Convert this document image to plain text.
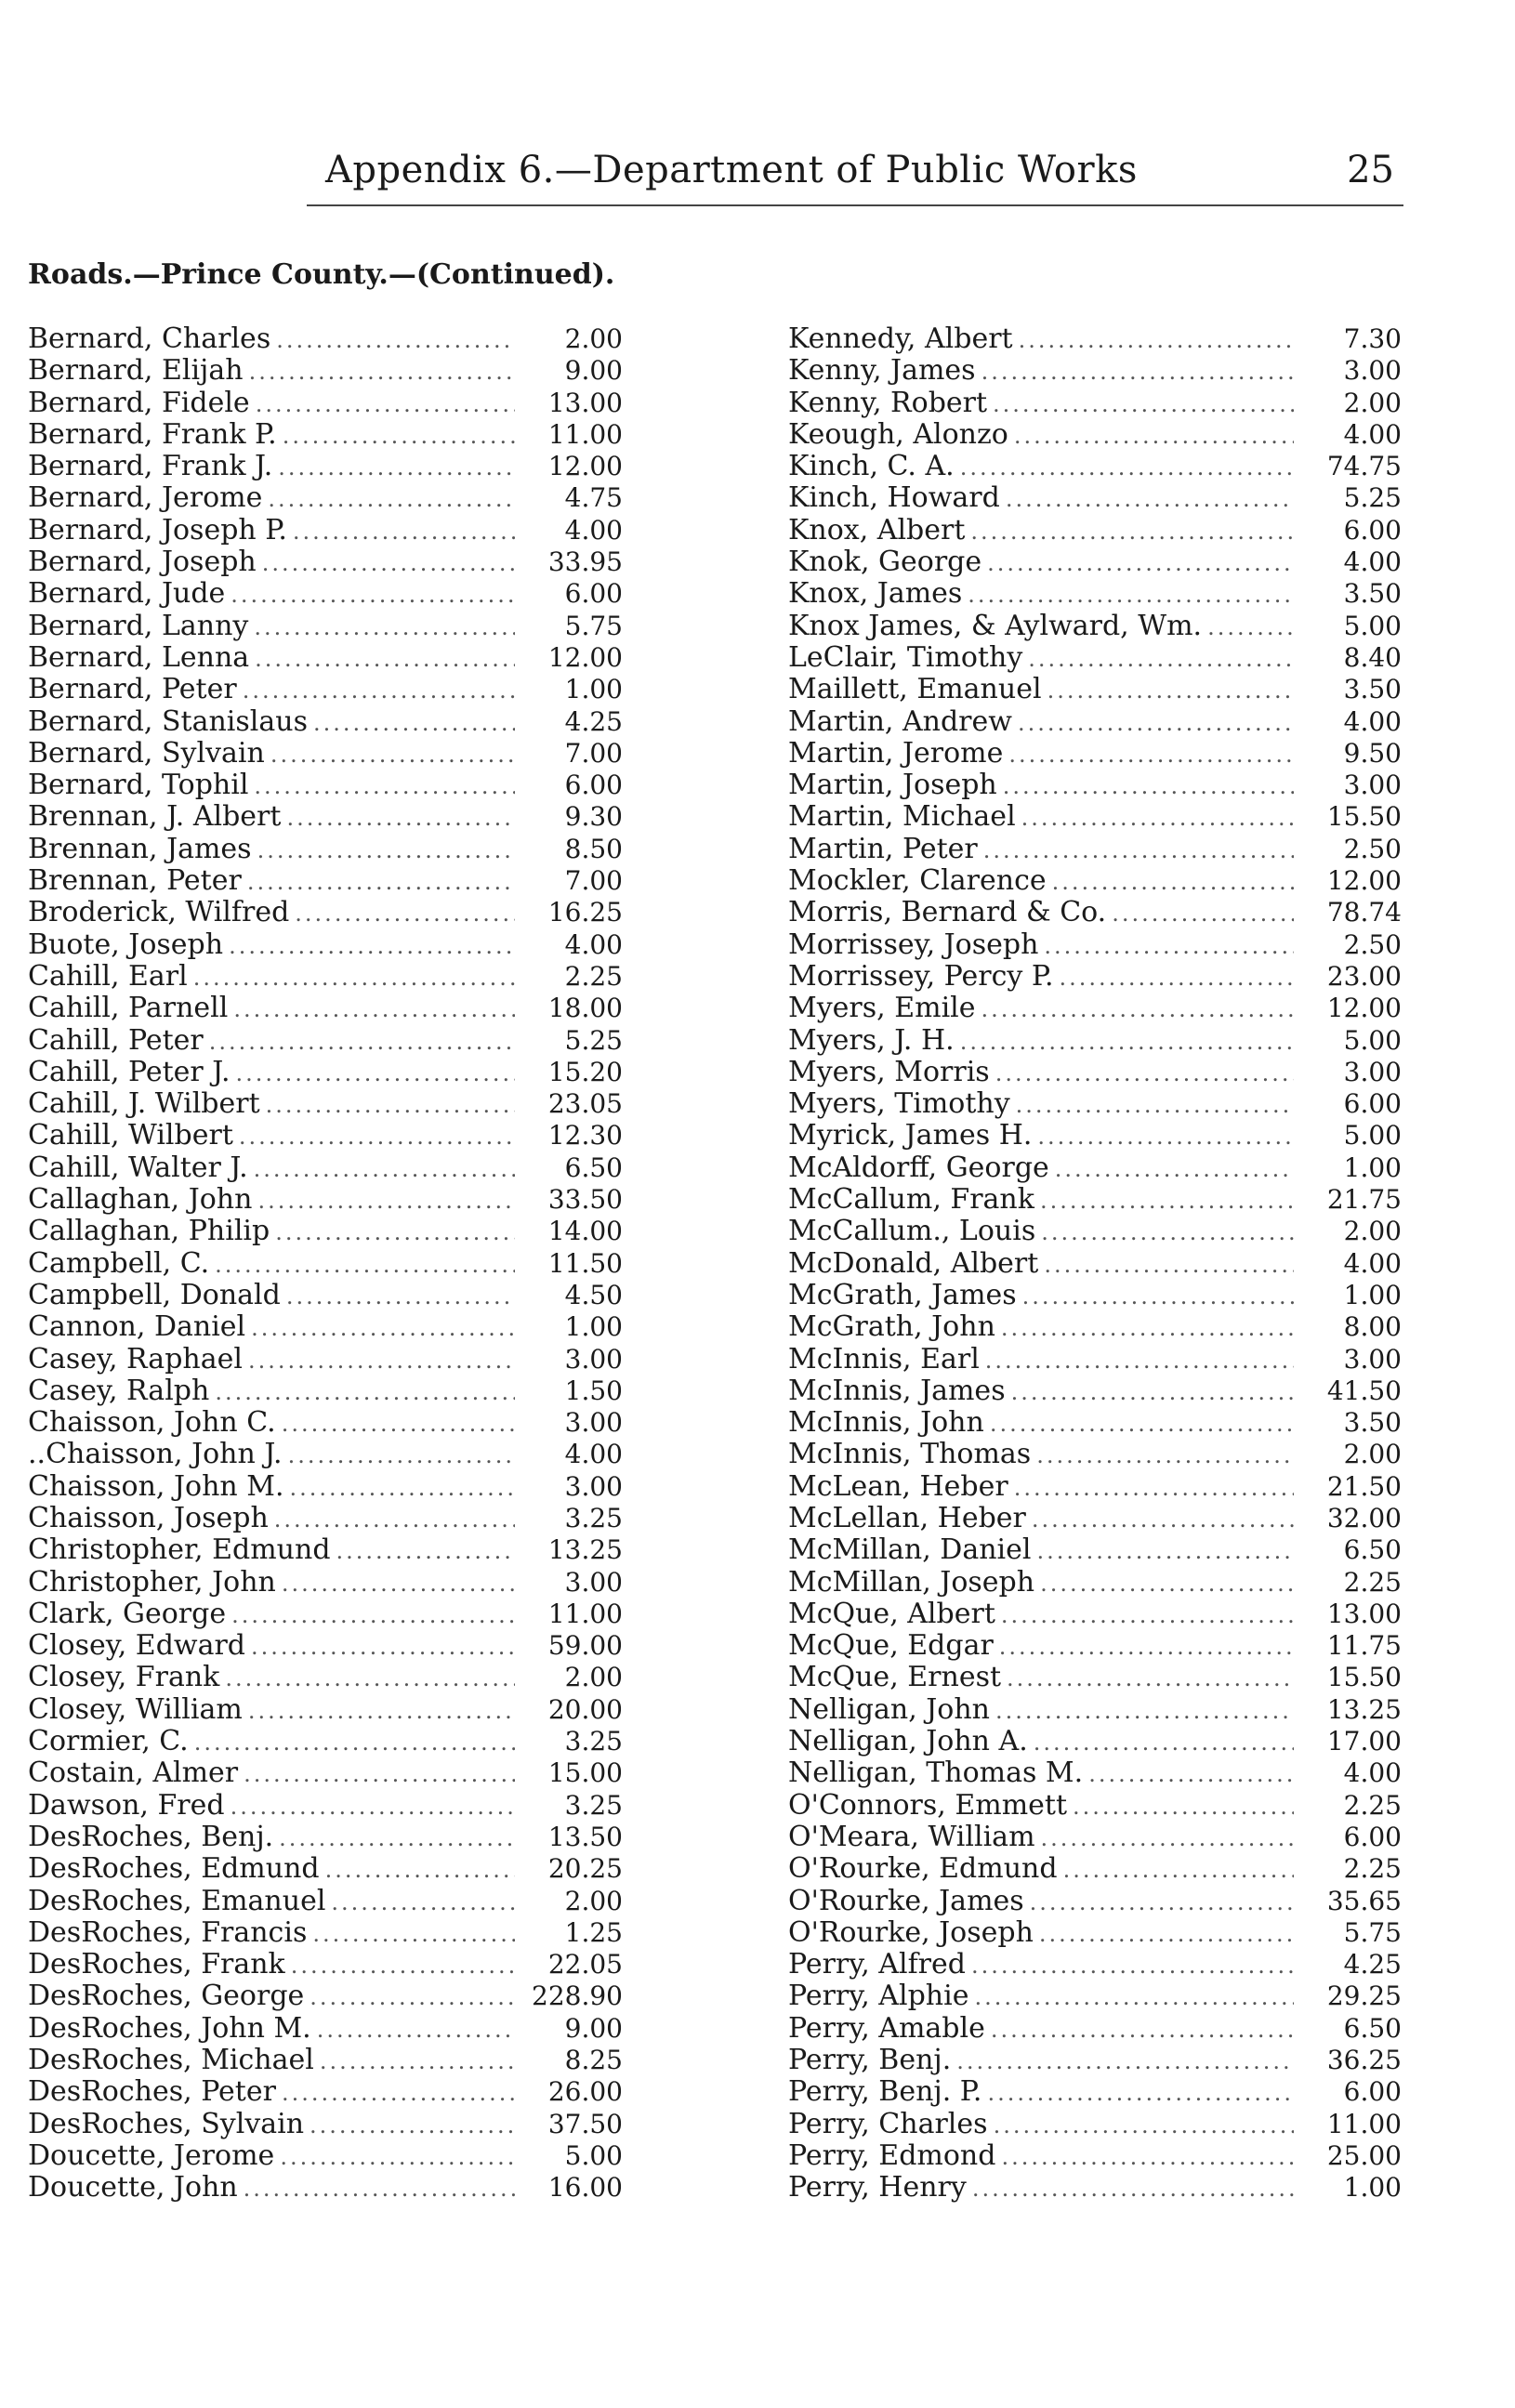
Appendix 6.—Department of Public Works	25
Roads.—Prince County.—(Continued).
Bernard, Charles .....	2.00
Bernard, Elijah .....	9.00
Bernard, Fidele .....	13.00
Bernard, Frank P. .....	11.00
Bernard, Frank J. .....	12.00
Bernard, Jerome .....	4.75
Bernard, Joseph P. .....	4.00
Bernard, Joseph .....	33.95
Bernard, Jude .....	6.00
Bernard, Lanny .....	5.75
Bernard, Lenna .....	12.00
Bernard, Peter .....	1.00
Bernard, Stanislaus .....	4.25
Bernard, Sylvain .....	7.00
Bernard, Tophil .....	6.00
Brennan, J. Albert .....	9.30
Brennan, James .....	8.50
Brennan, Peter .....	7.00
Broderick, Wilfred .....	16.25
Buote, Joseph .....	4.00
Cahill, Earl .....	2.25
Cahill, Parnell .....	18.00
Cahill, Peter .....	5.25
Cahill, Peter J. .....	15.20
Cahill, J. Wilbert .....	23.05
Cahill, Wilbert .....	12.30
Cahill, Walter J. .....	6.50
Callaghan, John .....	33.50
Callaghan, Philip .....	14.00
Campbell, C. .....	11.50
Campbell, Donald .....	4.50
Cannon, Daniel .....	1.00
Casey, Raphael .....	3.00
Casey, Ralph .....	1.50
Chaisson, John C. .....	3.00
..Chaisson, John J. .....	4.00
Chaisson, John M. .....	3.00
Chaisson, Joseph .....	3.25
Christopher, Edmund .....	13.25
Christopher, John .....	3.00
Clark, George .....	11.00
Closey, Edward .....	59.00
Closey, Frank .....	2.00
Closey, William .....	20.00
Cormier, C. .....	3.25
Costain, Almer .....	15.00
Dawson, Fred .....	3.25
DesRoches, Benj. .....	13.50
DesRoches, Edmund .....	20.25
DesRoches, Emanuel .....	2.00
DesRoches, Francis .....	1.25
DesRoches, Frank .....	22.05
DesRoches, George .....	228.90
DesRoches, John M. .....	9.00
DesRoches, Michael .....	8.25
DesRoches, Peter .....	26.00
DesRoches, Sylvain .....	37.50
Doucette, Jerome .....	5.00
Doucette, John .....	16.00
Kennedy, Albert .....	7.30
Kenny, James .....	3.00
Kenny, Robert .....	2.00
Keough, Alonzo .....	4.00
Kinch, C. A. .....	74.75
Kinch, Howard .....	5.25
Knox, Albert .....	6.00
Knok, George .....	4.00
Knox, James .....	3.50
Knox James, & Aylward, Wm. .....	5.00
LeClair, Timothy .....	8.40
Maillett, Emanuel .....	3.50
Martin, Andrew .....	4.00
Martin, Jerome .....	9.50
Martin, Joseph .....	3.00
Martin, Michael .....	15.50
Martin, Peter .....	2.50
Mockler, Clarence .....	12.00
Morris, Bernard & Co. .....	78.74
Morrissey, Joseph .....	2.50
Morrissey, Percy P. .....	23.00
Myers, Emile .....	12.00
Myers, J. H. .....	5.00
Myers, Morris .....	3.00
Myers, Timothy .....	6.00
Myrick, James H. .....	5.00
McAldorff, George .....	1.00
McCallum, Frank .....	21.75
McCallum., Louis .....	2.00
McDonald, Albert .....	4.00
McGrath, James .....	1.00
McGrath, John .....	8.00
McInnis, Earl .....	3.00
McInnis, James .....	41.50
McInnis, John .....	3.50
McInnis, Thomas .....	2.00
McLean, Heber .....	21.50
McLellan, Heber .....	32.00
McMillan, Daniel .....	6.50
McMillan, Joseph .....	2.25
McQue, Albert .....	13.00
McQue, Edgar .....	11.75
McQue, Ernest .....	15.50
Nelligan, John .....	13.25
Nelligan, John A. .....	17.00
Nelligan, Thomas M. .....	4.00
O'Connors, Emmett .....	2.25
O'Meara, William .....	6.00
O'Rourke, Edmund .....	2.25
O'Rourke, James .....	35.65
O'Rourke, Joseph .....	5.75
Perry, Alfred .....	4.25
Perry, Alphie .....	29.25
Perry, Amable .....	6.50
Perry, Benj. .....	36.25
Perry, Benj. P. .....	6.00
Perry, Charles .....	11.00
Perry, Edmond .....	25.00
Perry, Henry .....	1.00
